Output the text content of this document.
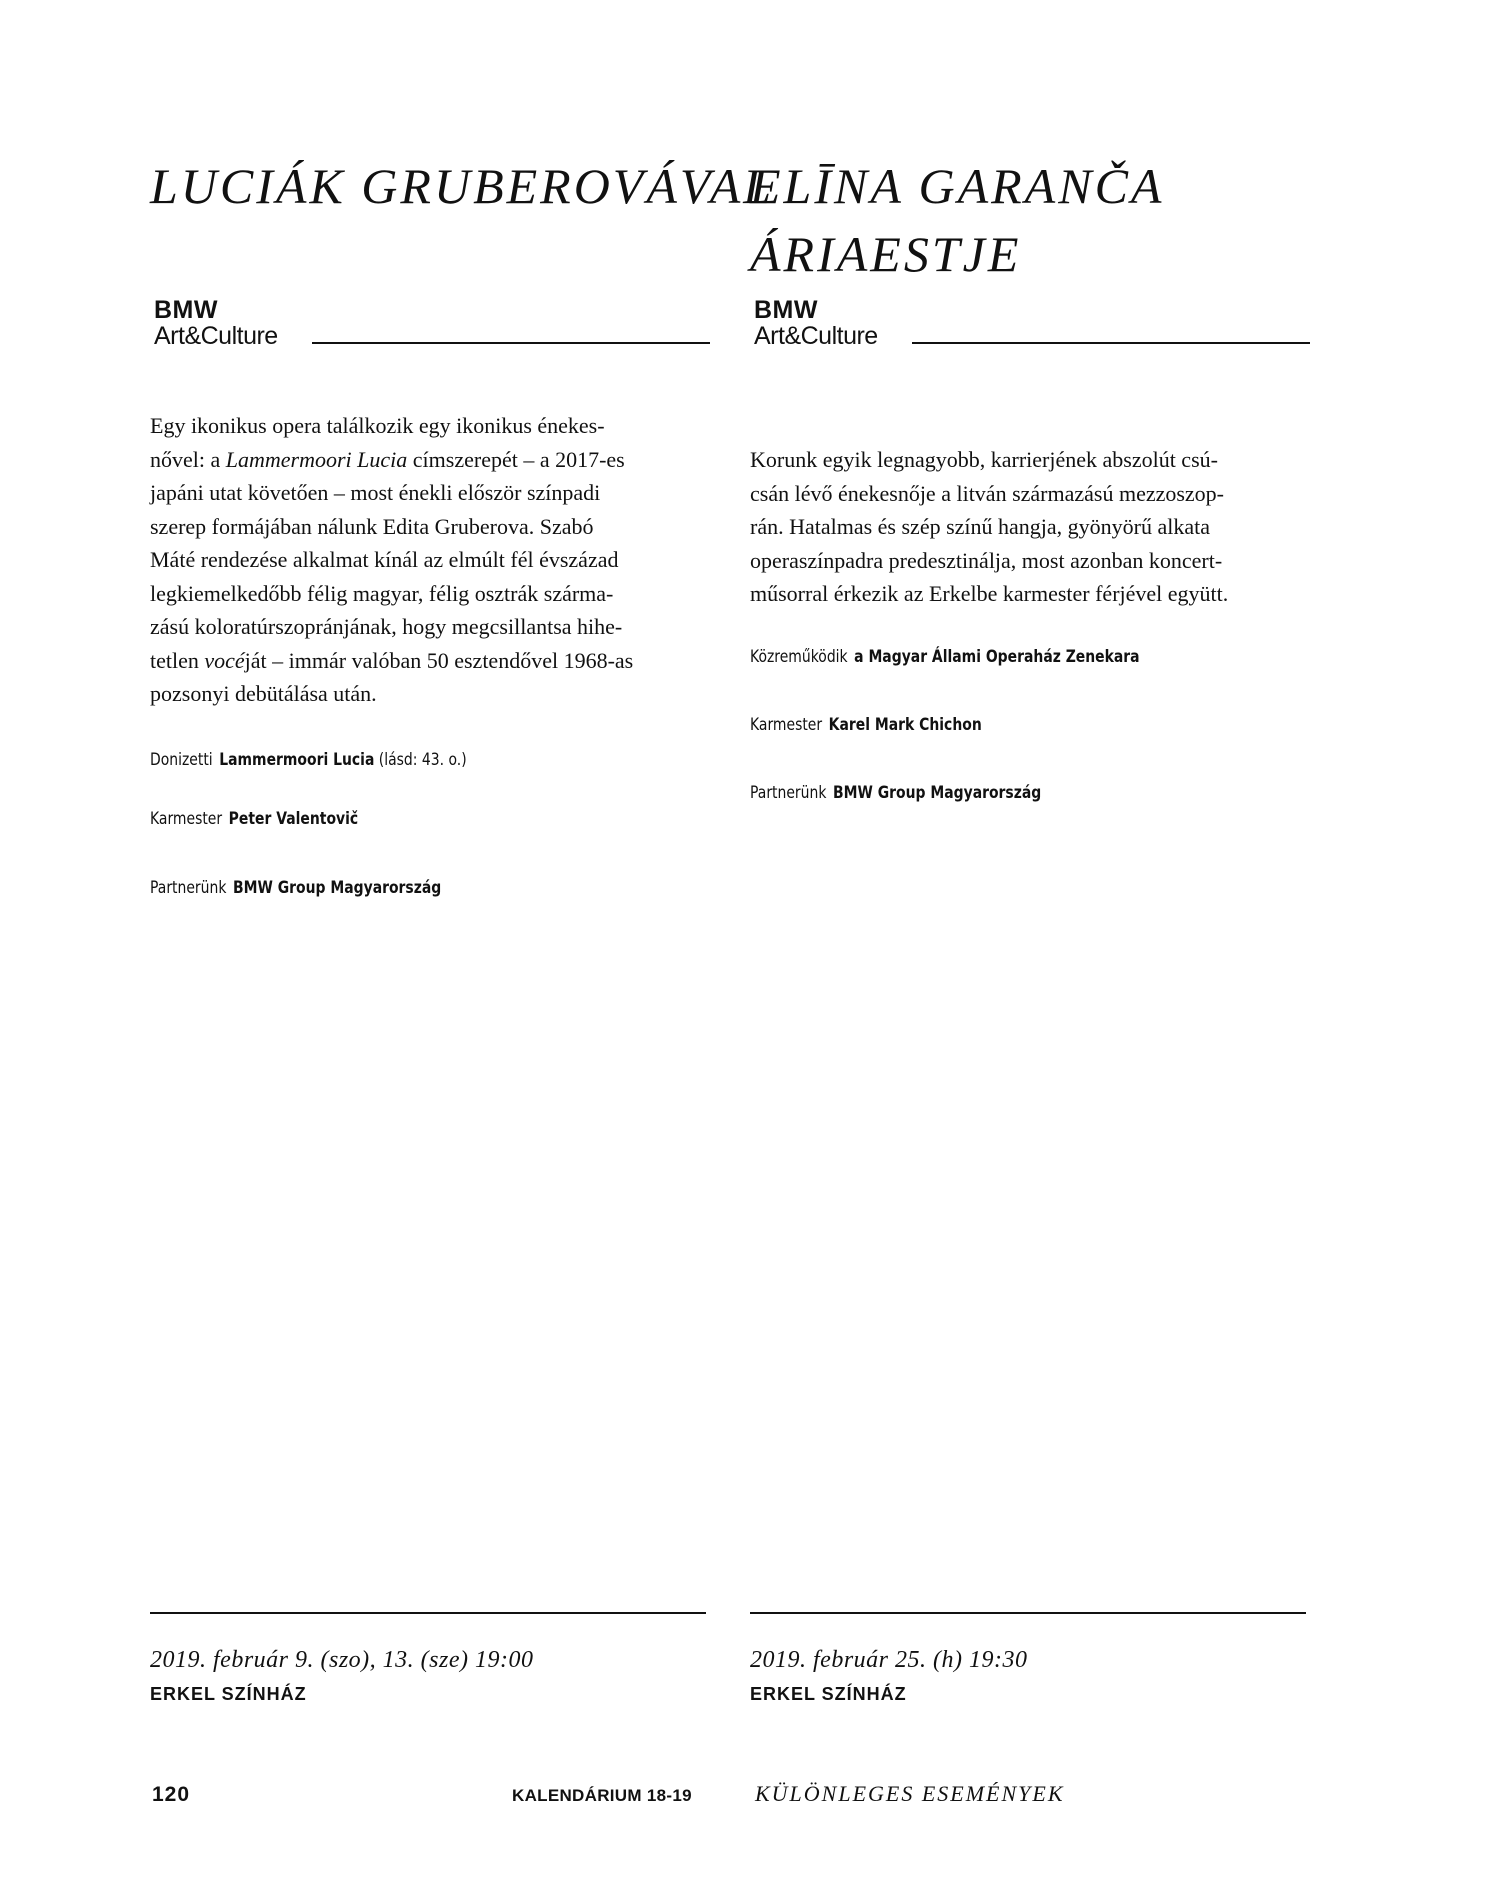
LUCIÁK GRUBEROVÁVAL
BMW
Art&Culture

Egy ikonikus opera találkozik egy ikonikus énekes-
nővel: a Lammermoori Lucia címszerepét – a 2017-es
japáni utat követően – most énekli először színpadi
szerep formájában nálunk Edita Gruberova. Szabó
Máté rendezése alkalmat kínál az elmúlt fél évszázad
legkiemelkedőbb félig magyar, félig osztrák szárma-
zású koloratúrszopránjának, hogy megcsillantsa hihe-
tetlen vocéját – immár valóban 50 esztendővel 1968-as
pozsonyi debütálása után.

Donizetti Lammermoori Lucia (lásd: 43. o.)

Karmester Peter Valentovič

Partnerünk BMW Group Magyarország

2019. február 9. (szo), 13. (sze) 19:00
ERKEL SZÍNHÁZ
ELĪNA GARANČA
ÁRIAESTJE
BMW
Art&Culture

Korunk egyik legnagyobb, karrierjének abszolút csú-
csán lévő énekesnője a litván származású mezzoszop-
rán. Hatalmas és szép színű hangja, gyönyörű alkata
operaszínpadra predesztinálja, most azonban koncert-
műsorral érkezik az Erkelbe karmester férjével együtt.

Közreműködik a Magyar Állami Operaház Zenekara

Karmester Karel Mark Chichon

Partnerünk BMW Group Magyarország

2019. február 25. (h) 19:30
ERKEL SZÍNHÁZ
120	KALENDÁRIUM 18-19	KÜLÖNLEGES ESEMÉNYEK
